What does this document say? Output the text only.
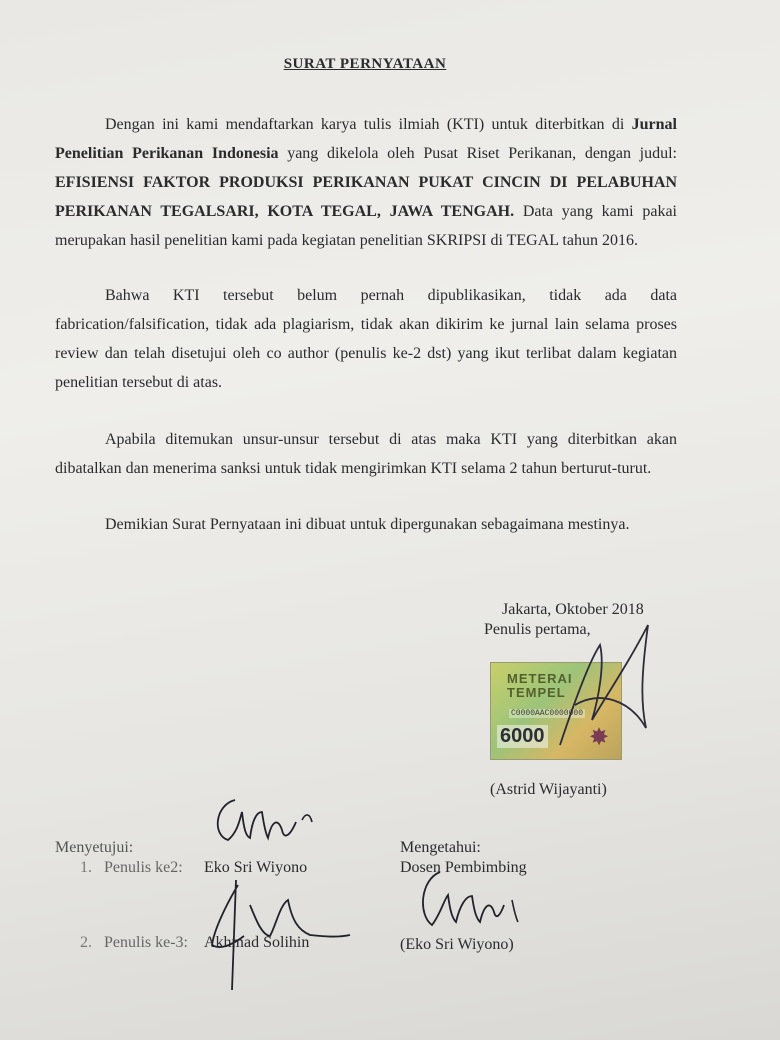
SURAT PERNYATAAN
Dengan ini kami mendaftarkan karya tulis ilmiah (KTI) untuk diterbitkan di Jurnal Penelitian Perikanan Indonesia yang dikelola oleh Pusat Riset Perikanan, dengan judul: EFISIENSI FAKTOR PRODUKSI PERIKANAN PUKAT CINCIN DI PELABUHAN PERIKANAN TEGALSARI, KOTA TEGAL, JAWA TENGAH. Data yang kami pakai merupakan hasil penelitian kami pada kegiatan penelitian SKRIPSI di TEGAL tahun 2016.
Bahwa KTI tersebut belum pernah dipublikasikan, tidak ada data fabrication/falsification, tidak ada plagiarism, tidak akan dikirim ke jurnal lain selama proses review dan telah disetujui oleh co author (penulis ke-2 dst) yang ikut terlibat dalam kegiatan penelitian tersebut di atas.
Apabila ditemukan unsur-unsur tersebut di atas maka KTI yang diterbitkan akan dibatalkan dan menerima sanksi untuk tidak mengirimkan KTI selama 2 tahun berturut-turut.
Demikian Surat Pernyataan ini dibuat untuk dipergunakan sebagaimana mestinya.
Jakarta, Oktober 2018
Penulis pertama,
METERAI
TEMPEL
C0000AAC0000000
6000 ✸
(Astrid Wijayanti)
Menyetujui:
1. Penulis ke2:	Eko Sri Wiyono
2. Penulis ke-3:	Akhmad Solihin
Mengetahui:
Dosen Pembimbing
(Eko Sri Wiyono)
